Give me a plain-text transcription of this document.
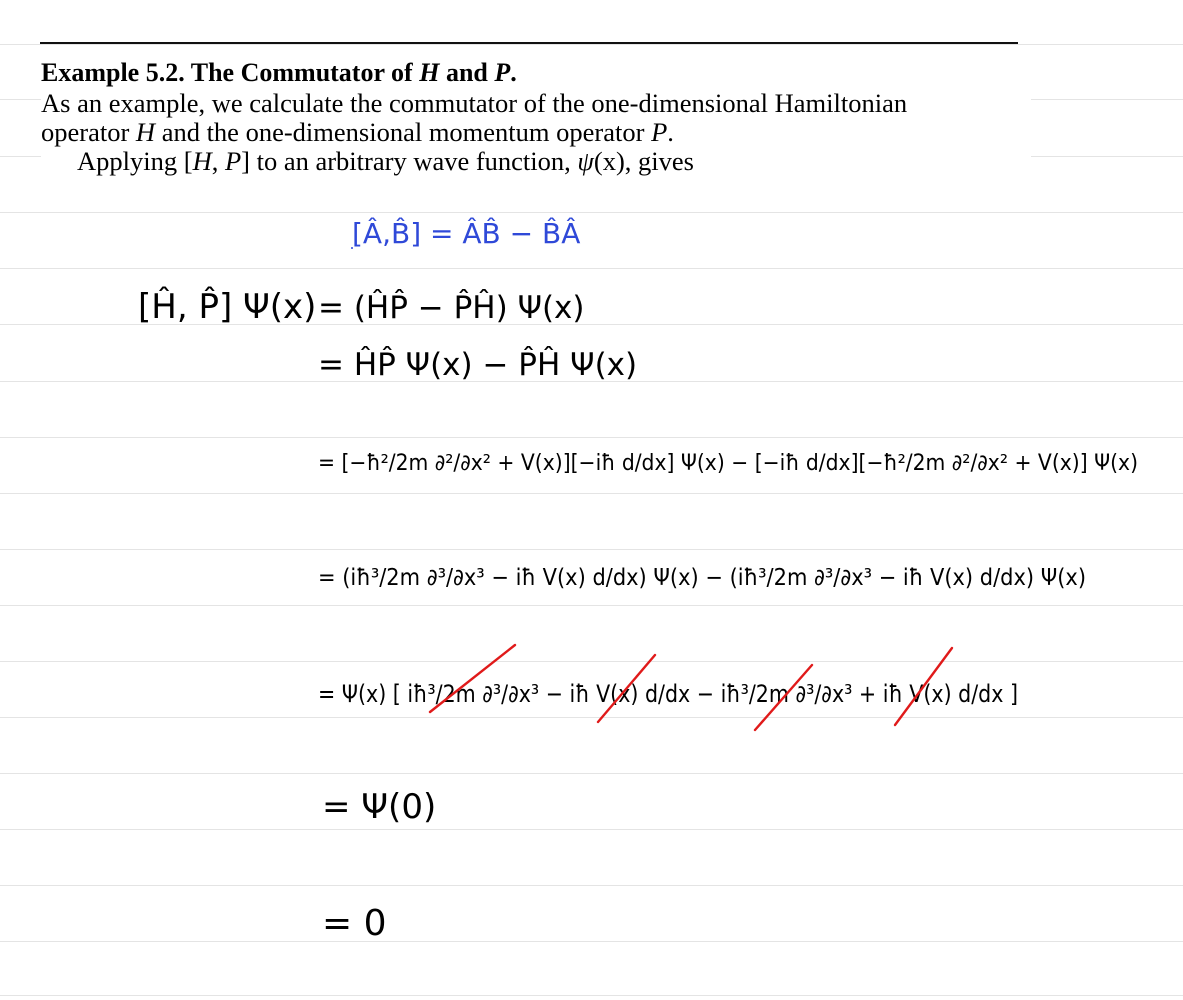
Example 5.2. The Commutator of H and P.
As an example, we calculate the commutator of the one-dimensional Hamiltonian
operator H and the one-dimensional momentum operator P.
Applying [H, P] to an arbitrary wave function, ψ(x), gives
[Â,B̂] = ÂB̂ − B̂Â
[Ĥ, P̂] Ψ(x) = (ĤP̂ − P̂Ĥ) Ψ(x)
= ĤP̂ Ψ(x) − P̂Ĥ Ψ(x)
= [−ħ²/2m ∂²/∂x² + V(x)][−iħ d/dx] Ψ(x) − [−iħ d/dx][−ħ²/2m ∂²/∂x² + V(x)] Ψ(x)
= (iħ³/2m ∂³/∂x³ − iħ V(x) d/dx) Ψ(x) − (iħ³/2m ∂³/∂x³ − iħ V(x) d/dx) Ψ(x)
= Ψ(x) [ iħ³/2m ∂³/∂x³ − iħ V(x) d/dx − iħ³/2m ∂³/∂x³ + iħ V(x) d/dx ]
= Ψ(0)
= 0
